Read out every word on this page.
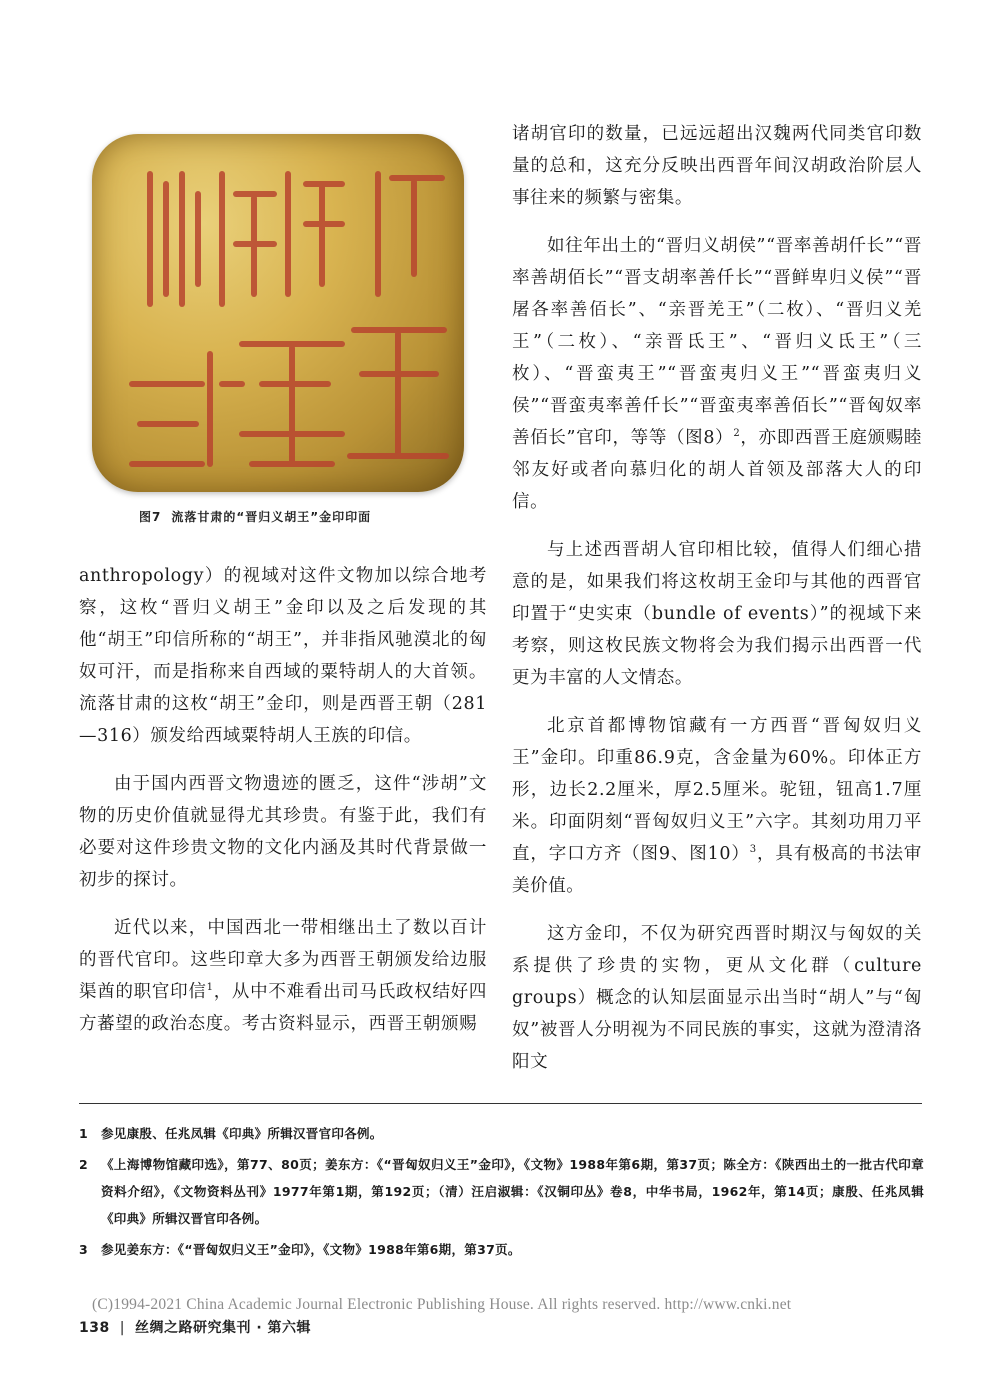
图7 流落甘肃的“晋归义胡王”金印印面

anthropology）的视域对这件文物加以综合地考察，这枚“晋归义胡王”金印以及之后发现的其他“胡王”印信所称的“胡王”，并非指风驰漠北的匈奴可汗，而是指称来自西域的粟特胡人的大首领。流落甘肃的这枚“胡王”金印，则是西晋王朝（281—316）颁发给西域粟特胡人王族的印信。

由于国内西晋文物遗迹的匮乏，这件“涉胡”文物的历史价值就显得尤其珍贵。有鉴于此，我们有必要对这件珍贵文物的文化内涵及其时代背景做一初步的探讨。

近代以来，中国西北一带相继出土了数以百计的晋代官印。这些印章大多为西晋王朝颁发给边服渠酋的职官印信$^1$，从中不难看出司马氏政权结好四方蕃望的政治态度。考古资料显示，西晋王朝颁赐

诸胡官印的数量，已远远超出汉魏两代同类官印数量的总和，这充分反映出西晋年间汉胡政治阶层人事往来的频繁与密集。

如往年出土的“晋归义胡侯”“晋率善胡仟长”“晋率善胡佰长”“晋支胡率善仟长”“晋鲜卑归义侯”“晋屠各率善佰长”、“亲晋羌王”（二枚）、“晋归义羌王”（二枚）、“亲晋氐王”、“晋归义氐王”（三枚）、“晋蛮夷王”“晋蛮夷归义王”“晋蛮夷归义侯”“晋蛮夷率善仟长”“晋蛮夷率善佰长”“晋匈奴率善佰长”官印，等等（图8）$^2$，亦即西晋王庭颁赐睦邻友好或者向慕归化的胡人首领及部落大人的印信。

与上述西晋胡人官印相比较，值得人们细心措意的是，如果我们将这枚胡王金印与其他的西晋官印置于“史实束（bundle of events）”的视域下来考察，则这枚民族文物将会为我们揭示出西晋一代更为丰富的人文情态。

北京首都博物馆藏有一方西晋“晋匈奴归义王”金印。印重86.9克，含金量为60%。印体正方形，边长2.2厘米，厚2.5厘米。驼钮，钮高1.7厘米。印面阴刻“晋匈奴归义王”六字。其刻功用刀平直，字口方齐（图9、图10）$^3$，具有极高的书法审美价值。

这方金印，不仅为研究西晋时期汉与匈奴的关系提供了珍贵的实物，更从文化群（culture groups）概念的认知层面显示出当时“胡人”与“匈奴”被晋人分明视为不同民族的事实，这就为澄清洛阳文

1	参见康殷、任兆凤辑《印典》所辑汉晋官印各例。
2	《上海博物馆藏印选》，第77、80页；姜东方：《“晋匈奴归义王”金印》，《文物》1988年第6期，第37页；陈全方：《陕西出土的一批古代印章资料介绍》，《文物资料丛刊》1977年第1期，第192页；（清）汪启淑辑：《汉铜印丛》卷8，中华书局，1962年，第14页；康殷、任兆凤辑《印典》所辑汉晋官印各例。
3	参见姜东方：《“晋匈奴归义王”金印》，《文物》1988年第6期，第37页。
(C)1994-2021 China Academic Journal Electronic Publishing House. All rights reserved. http://www.cnki.net
138 | 丝绸之路研究集刊 · 第六辑
